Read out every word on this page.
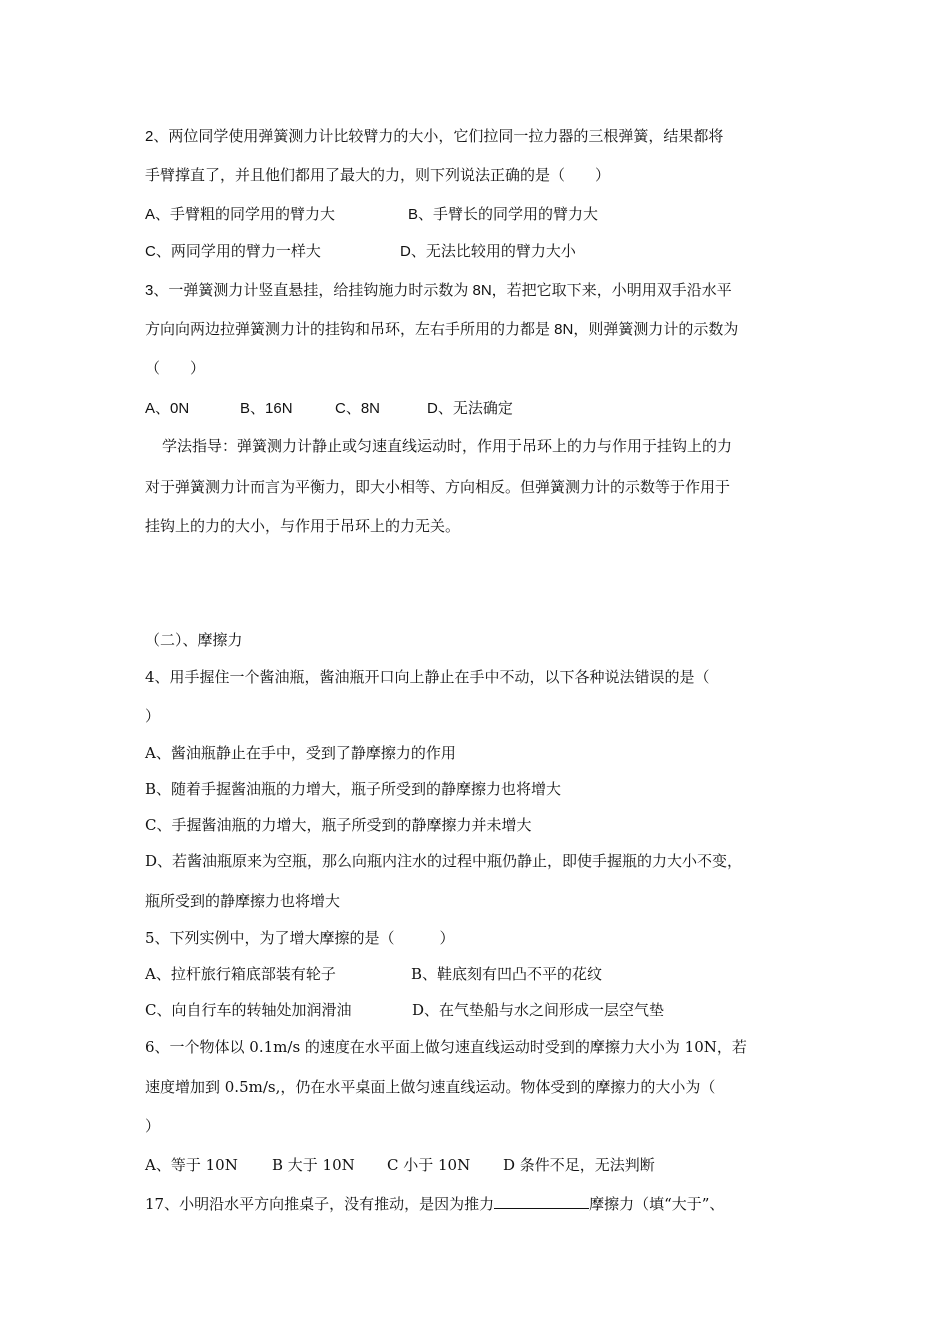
2、两位同学使用弹簧测力计比较臂力的大小，它们拉同一拉力器的三根弹簧，结果都将
手臂撑直了，并且他们都用了最大的力，则下列说法正确的是（　　）
A、手臂粗的同学用的臂力大	B、手臂长的同学用的臂力大
C、两同学用的臂力一样大	D、无法比较用的臂力大小
3、一弹簧测力计竖直悬挂，给挂钩施力时示数为 8N，若把它取下来，小明用双手沿水平
方向向两边拉弹簧测力计的挂钩和吊环，左右手所用的力都是 8N，则弹簧测力计的示数为
（　　）
A、0N	B、16N	C、8N	D、无法确定
学法指导：弹簧测力计静止或匀速直线运动时，作用于吊环上的力与作用于挂钩上的力
对于弹簧测力计而言为平衡力，即大小相等、方向相反。但弹簧测力计的示数等于作用于
挂钩上的力的大小，与作用于吊环上的力无关。
（二）、摩擦力
4、用手握住一个酱油瓶，酱油瓶开口向上静止在手中不动，以下各种说法错误的是（
）
A、酱油瓶静止在手中，受到了静摩擦力的作用
B、随着手握酱油瓶的力增大，瓶子所受到的静摩擦力也将增大
C、手握酱油瓶的力增大，瓶子所受到的静摩擦力并未增大
D、若酱油瓶原来为空瓶，那么向瓶内注水的过程中瓶仍静止，即使手握瓶的力大小不变，
瓶所受到的静摩擦力也将增大
5、下列实例中，为了增大摩擦的是（　　　）
A、拉杆旅行箱底部装有轮子	B、鞋底刻有凹凸不平的花纹
C、向自行车的转轴处加润滑油	D、在气垫船与水之间形成一层空气垫
6、一个物体以 0.1m/s 的速度在水平面上做匀速直线运动时受到的摩擦力大小为 10N，若
速度增加到 0.5m/s,，仍在水平桌面上做匀速直线运动。物体受到的摩擦力的大小为（
）
A、等于 10N B 大于 10N C 小于 10N D 条件不足，无法判断
17、小明沿水平方向推桌子，没有推动，是因为推力	摩擦力（填“大于”、
